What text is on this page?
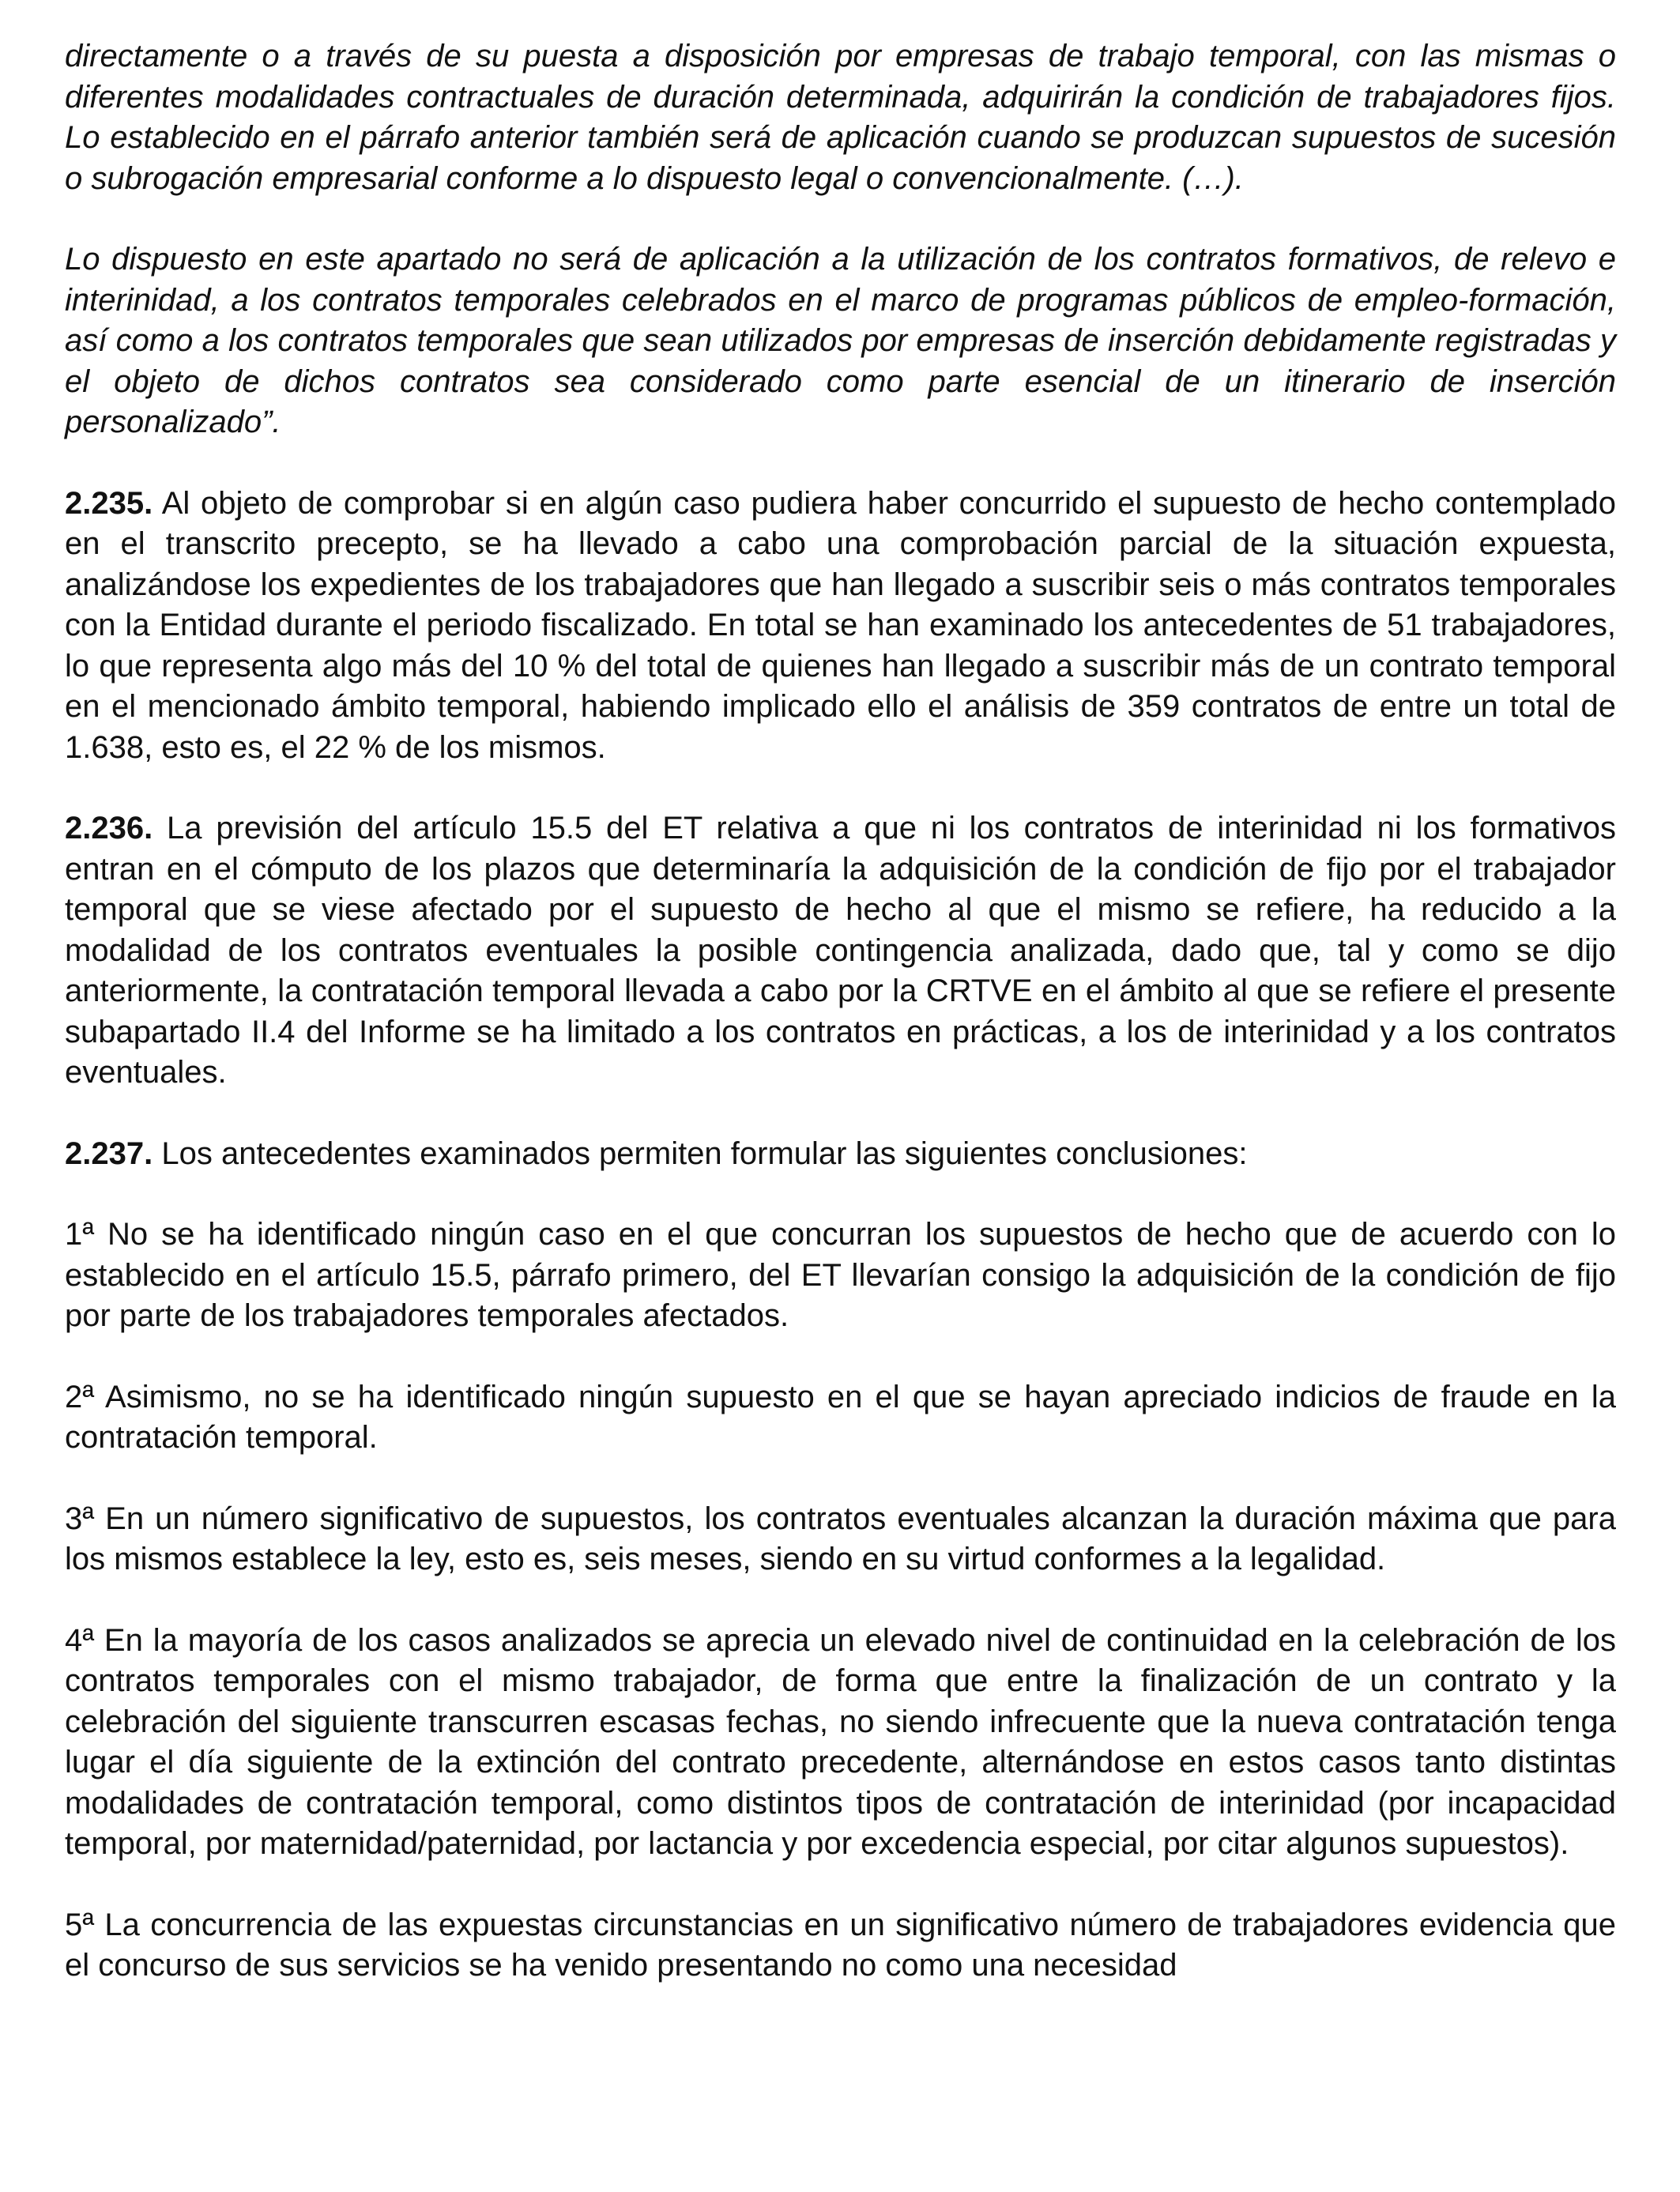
directamente o a través de su puesta a disposición por empresas de trabajo temporal, con las mismas o diferentes modalidades contractuales de duración determinada, adquirirán la condición de trabajadores fijos. Lo establecido en el párrafo anterior también será de aplicación cuando se produzcan supuestos de sucesión o subrogación empresarial conforme a lo dispuesto legal o convencionalmente. (…).

Lo dispuesto en este apartado no será de aplicación a la utilización de los contratos formativos, de relevo e interinidad, a los contratos temporales celebrados en el marco de programas públicos de empleo-formación, así como a los contratos temporales que sean utilizados por empresas de inserción debidamente registradas y el objeto de dichos contratos sea considerado como parte esencial de un itinerario de inserción personalizado”.

2.235. Al objeto de comprobar si en algún caso pudiera haber concurrido el supuesto de hecho contemplado en el transcrito precepto, se ha llevado a cabo una comprobación parcial de la situación expuesta, analizándose los expedientes de los trabajadores que han llegado a suscribir seis o más contratos temporales con la Entidad durante el periodo fiscalizado. En total se han examinado los antecedentes de 51 trabajadores, lo que representa algo más del 10 % del total de quienes han llegado a suscribir más de un contrato temporal en el mencionado ámbito temporal, habiendo implicado ello el análisis de 359 contratos de entre un total de 1.638, esto es, el 22 % de los mismos.

2.236. La previsión del artículo 15.5 del ET relativa a que ni los contratos de interinidad ni los formativos entran en el cómputo de los plazos que determinaría la adquisición de la condición de fijo por el trabajador temporal que se viese afectado por el supuesto de hecho al que el mismo se refiere, ha reducido a la modalidad de los contratos eventuales la posible contingencia analizada, dado que, tal y como se dijo anteriormente, la contratación temporal llevada a cabo por la CRTVE en el ámbito al que se refiere el presente subapartado II.4 del Informe se ha limitado a los contratos en prácticas, a los de interinidad y a los contratos eventuales.

2.237. Los antecedentes examinados permiten formular las siguientes conclusiones:

1ª No se ha identificado ningún caso en el que concurran los supuestos de hecho que de acuerdo con lo establecido en el artículo 15.5, párrafo primero, del ET llevarían consigo la adquisición de la condición de fijo por parte de los trabajadores temporales afectados.

2ª Asimismo, no se ha identificado ningún supuesto en el que se hayan apreciado indicios de fraude en la contratación temporal.

3ª En un número significativo de supuestos, los contratos eventuales alcanzan la duración máxima que para los mismos establece la ley, esto es, seis meses, siendo en su virtud conformes a la legalidad.

4ª En la mayoría de los casos analizados se aprecia un elevado nivel de continuidad en la celebración de los contratos temporales con el mismo trabajador, de forma que entre la finalización de un contrato y la celebración del siguiente transcurren escasas fechas, no siendo infrecuente que la nueva contratación tenga lugar el día siguiente de la extinción del contrato precedente, alternándose en estos casos tanto distintas modalidades de contratación temporal, como distintos tipos de contratación de interinidad (por incapacidad temporal, por maternidad/paternidad, por lactancia y por excedencia especial, por citar algunos supuestos).

5ª La concurrencia de las expuestas circunstancias en un significativo número de trabajadores evidencia que el concurso de sus servicios se ha venido presentando no como una necesidad
